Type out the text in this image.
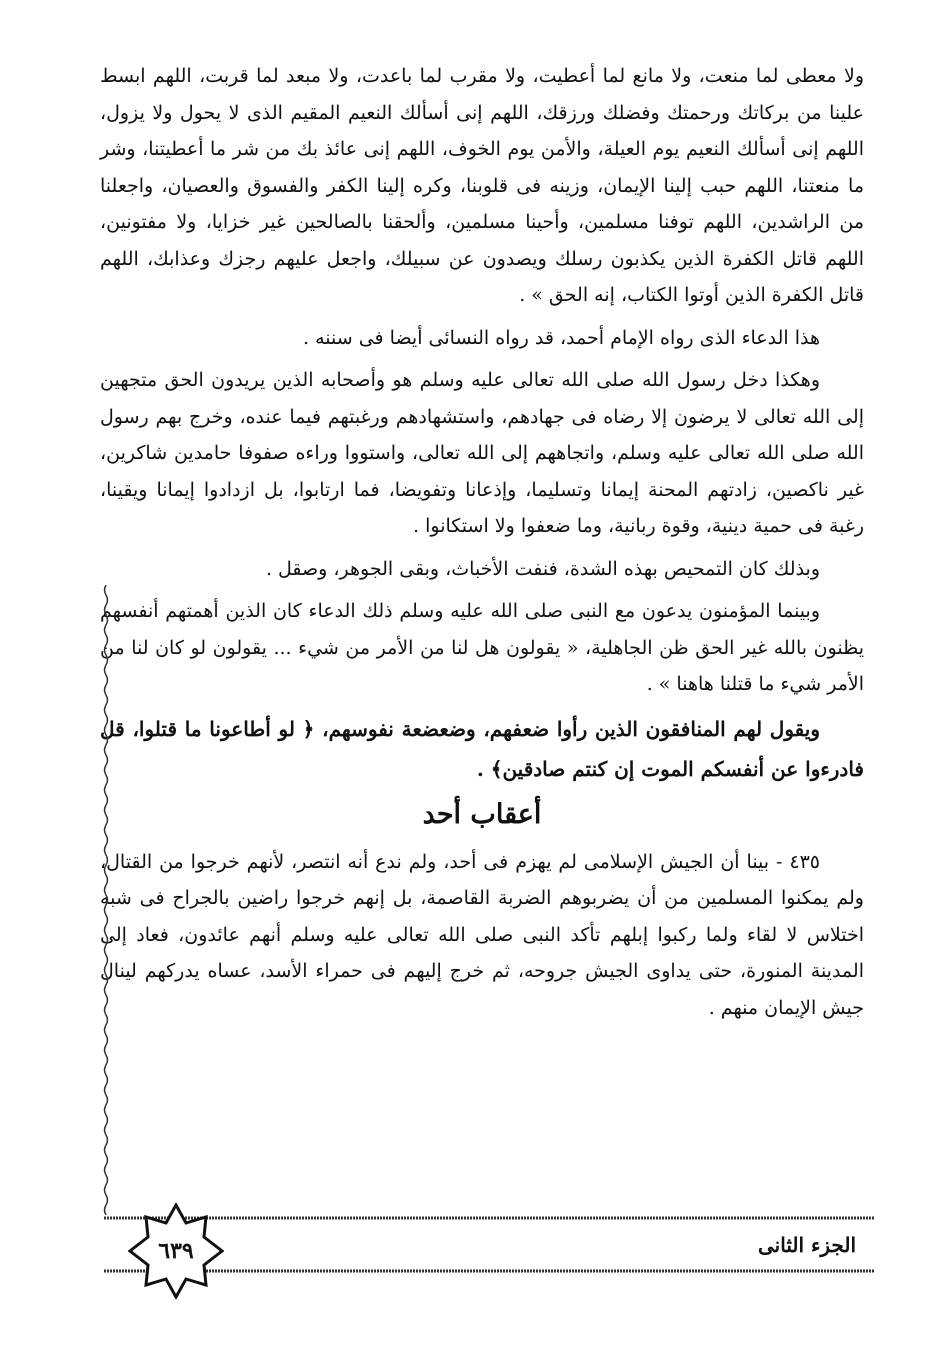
ولا معطى لما منعت، ولا مانع لما أعطيت، ولا مقرب لما باعدت، ولا مبعد لما قربت، اللهم ابسط علينا من بركاتك ورحمتك وفضلك ورزقك، اللهم إنى أسألك النعيم المقيم الذى لا يحول ولا يزول، اللهم إنى أسألك النعيم يوم العيلة، والأمن يوم الخوف، اللهم إنى عائذ بك من شر ما أعطيتنا، وشر ما منعتنا، اللهم حبب إلينا الإيمان، وزينه فى قلوبنا، وكره إلينا الكفر والفسوق والعصيان، واجعلنا من الراشدين، اللهم توفنا مسلمين، وأحينا مسلمين، وألحقنا بالصالحين غير خزايا، ولا مفتونين، اللهم قاتل الكفرة الذين يكذبون رسلك ويصدون عن سبيلك، واجعل عليهم رجزك وعذابك، اللهم قاتل الكفرة الذين أوتوا الكتاب، إنه الحق » .

هذا الدعاء الذى رواه الإمام أحمد، قد رواه النسائى أيضا فى سننه .

وهكذا دخل رسول الله صلى الله تعالى عليه وسلم هو وأصحابه الذين يريدون الحق متجهين إلى الله تعالى لا يرضون إلا رضاه فى جهادهم، واستشهادهم ورغبتهم فيما عنده، وخرج بهم رسول الله صلى الله تعالى عليه وسلم، واتجاههم إلى الله تعالى، واستووا وراءه صفوفا حامدين شاكرين، غير ناكصين، زادتهم المحنة إيمانا وتسليما، وإذعانا وتفويضا، فما ارتابوا، بل ازدادوا إيمانا ويقينا، رغبة فى حمية دينية، وقوة ربانية، وما ضعفوا ولا استكانوا .

وبذلك كان التمحيص بهذه الشدة، فنفت الأخباث، وبقى الجوهر، وصقل .

وبينما المؤمنون يدعون مع النبى صلى الله عليه وسلم ذلك الدعاء كان الذين أهمتهم أنفسهم يظنون بالله غير الحق ظن الجاهلية، « يقولون هل لنا من الأمر من شيء ... يقولون لو كان لنا من الأمر شيء ما قتلنا هاهنا » .

ويقول لهم المنافقون الذين رأوا ضعفهم، وضعضعة نفوسهم، ﴿ لو أطاعونا ما قتلوا، قل فادرءوا عن أنفسكم الموت إن كنتم صادقين﴾ .

أعقاب أحد

٤٣٥ - بينا أن الجيش الإسلامى لم يهزم فى أحد، ولم ندع أنه انتصر، لأنهم خرجوا من القتال، ولم يمكنوا المسلمين من أن يضربوهم الضربة القاصمة، بل إنهم خرجوا راضين بالجراح فى شبه اختلاس لا لقاء ولما ركبوا إبلهم تأكد النبى صلى الله تعالى عليه وسلم أنهم عائدون، فعاد إلى المدينة المنورة، حتى يداوى الجيش جروحه، ثم خرج إليهم فى حمراء الأسد، عساه يدركهم لينال جيش الإيمان منهم .

الجزء الثانى
٦٣٩
